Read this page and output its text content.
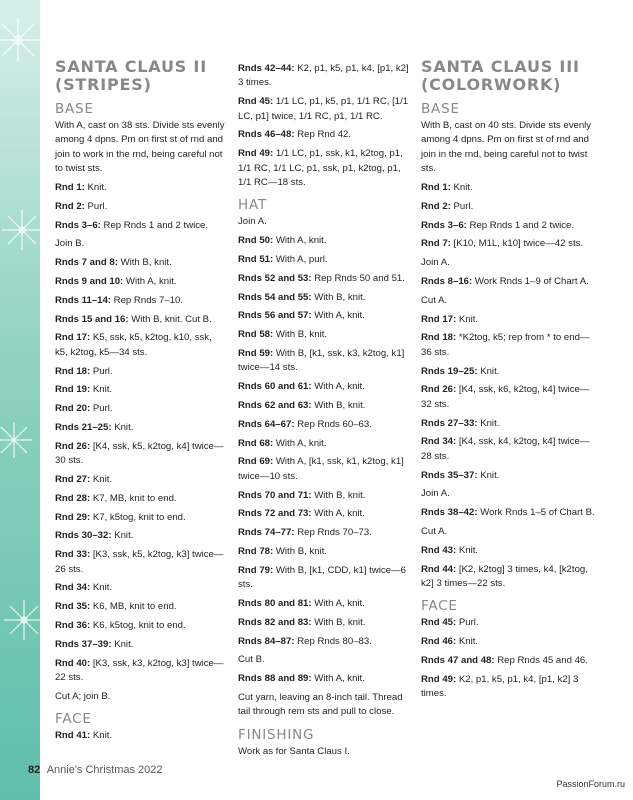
SANTA CLAUS II
(STRIPES)
BASE
With A, cast on 38 sts. Divide sts evenly among 4 dpns. Pm on first st of rnd and join to work in the rnd, being careful not to twist sts.
Rnd 1: Knit.
Rnd 2: Purl.
Rnds 3–6: Rep Rnds 1 and 2 twice.
Join B.
Rnds 7 and 8: With B, knit.
Rnds 9 and 10: With A, knit.
Rnds 11–14: Rep Rnds 7–10.
Rnds 15 and 16: With B, knit. Cut B.
Rnd 17: K5, ssk, k5, k2tog, k10, ssk, k5, k2tog, k5—34 sts.
Rnd 18: Purl.
Rnd 19: Knit.
Rnd 20: Purl.
Rnds 21–25: Knit.
Rnd 26: [K4, ssk, k5, k2tog, k4] twice—30 sts.
Rnd 27: Knit.
Rnd 28: K7, MB, knit to end.
Rnd 29: K7, k5tog, knit to end.
Rnds 30–32: Knit.
Rnd 33: [K3, ssk, k5, k2tog, k3] twice—26 sts.
Rnd 34: Knit.
Rnd 35: K6, MB, knit to end.
Rnd 36: K6, k5tog, knit to end.
Rnds 37–39: Knit.
Rnd 40: [K3, ssk, k3, k2tog, k3] twice—22 sts.
Cut A; join B.
FACE
Rnd 41: Knit.
Rnds 42–44: K2, p1, k5, p1, k4, [p1, k2] 3 times.
Rnd 45: 1/1 LC, p1, k5, p1, 1/1 RC, [1/1 LC, p1] twice, 1/1 RC, p1, 1/1 RC.
Rnds 46–48: Rep Rnd 42.
Rnd 49: 1/1 LC, p1, ssk, k1, k2tog, p1, 1/1 RC, 1/1 LC, p1, ssk, p1, k2tog, p1, 1/1 RC—18 sts.
HAT
Join A.
Rnd 50: With A, knit.
Rnd 51: With A, purl.
Rnds 52 and 53: Rep Rnds 50 and 51.
Rnds 54 and 55: With B, knit.
Rnds 56 and 57: With A, knit.
Rnd 58: With B, knit.
Rnd 59: With B, [k1, ssk, k3, k2tog, k1] twice—14 sts.
Rnds 60 and 61: With A, knit.
Rnds 62 and 63: With B, knit.
Rnds 64–67: Rep Rnds 60–63.
Rnd 68: With A, knit.
Rnd 69: With A, [k1, ssk, k1, k2tog, k1] twice—10 sts.
Rnds 70 and 71: With B, knit.
Rnds 72 and 73: With A, knit.
Rnds 74–77: Rep Rnds 70–73.
Rnd 78: With B, knit.
Rnd 79: With B, [k1, CDD, k1] twice—6 sts.
Rnds 80 and 81: With A, knit.
Rnds 82 and 83: With B, knit.
Rnds 84–87: Rep Rnds 80–83.
Cut B.
Rnds 88 and 89: With A, knit.
Cut yarn, leaving an 8-inch tail. Thread tail through rem sts and pull to close.
FINISHING
Work as for Santa Claus I.
SANTA CLAUS III
(COLORWORK)
BASE
With B, cast on 40 sts. Divide sts evenly among 4 dpns. Pm on first st of rnd and join in the rnd, being careful not to twist sts.
Rnd 1: Knit.
Rnd 2: Purl.
Rnds 3–6: Rep Rnds 1 and 2 twice.
Rnd 7: [K10, M1L, k10] twice—42 sts.
Join A.
Rnds 8–16: Work Rnds 1–9 of Chart A.
Cut A.
Rnd 17: Knit.
Rnd 18: *K2tog, k5; rep from * to end—36 sts.
Rnds 19–25: Knit.
Rnd 26: [K4, ssk, k6, k2tog, k4] twice—32 sts.
Rnds 27–33: Knit.
Rnd 34: [K4, ssk, k4, k2tog, k4] twice—28 sts.
Rnds 35–37: Knit.
Join A.
Rnds 38–42: Work Rnds 1–5 of Chart B.
Cut A.
Rnd 43: Knit.
Rnd 44: [K2, k2tog] 3 times, k4, [k2tog, k2] 3 times—22 sts.
FACE
Rnd 45: Purl.
Rnd 46: Knit.
Rnds 47 and 48: Rep Rnds 45 and 46.
Rnd 49: K2, p1, k5, p1, k4, [p1, k2] 3 times.
82 Annie's Christmas 2022
PassionForum.ru
